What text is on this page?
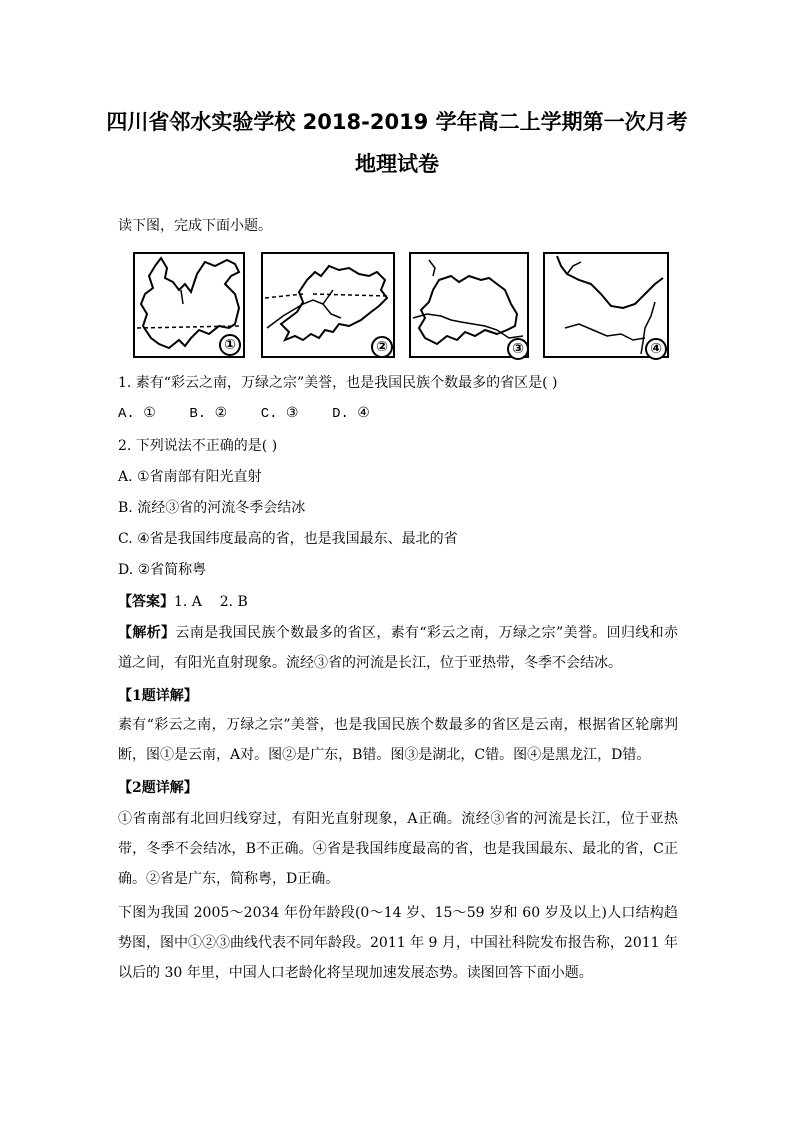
四川省邻水实验学校 2018-2019 学年高二上学期第一次月考
地理试卷
读下图，完成下面小题。
①	②	③	④
1. 素有“彩云之南，万绿之宗”美誉，也是我国民族个数最多的省区是( )
A. ①    B. ②    C. ③    D. ④
2. 下列说法不正确的是( )
A. ①省南部有阳光直射
B. 流经③省的河流冬季会结冰
C. ④省是我国纬度最高的省，也是我国最东、最北的省
D. ②省简称粤
【答案】1. A    2. B
【解析】云南是我国民族个数最多的省区，素有“彩云之南，万绿之宗”美誉。回归线和赤道之间，有阳光直射现象。流经③省的河流是长江，位于亚热带，冬季不会结冰。
【1题详解】
素有“彩云之南，万绿之宗”美誉，也是我国民族个数最多的省区是云南，根据省区轮廓判断，图①是云南，A对。图②是广东，B错。图③是湖北，C错。图④是黑龙江，D错。
【2题详解】
①省南部有北回归线穿过，有阳光直射现象，A正确。流经③省的河流是长江，位于亚热带，冬季不会结冰，B不正确。④省是我国纬度最高的省，也是我国最东、最北的省，C正确。②省是广东，简称粤，D正确。
下图为我国 2005～2034 年份年龄段(0～14 岁、15～59 岁和 60 岁及以上)人口结构趋势图，图中①②③曲线代表不同年龄段。2011 年 9 月，中国社科院发布报告称，2011 年以后的 30 年里，中国人口老龄化将呈现加速发展态势。读图回答下面小题。
